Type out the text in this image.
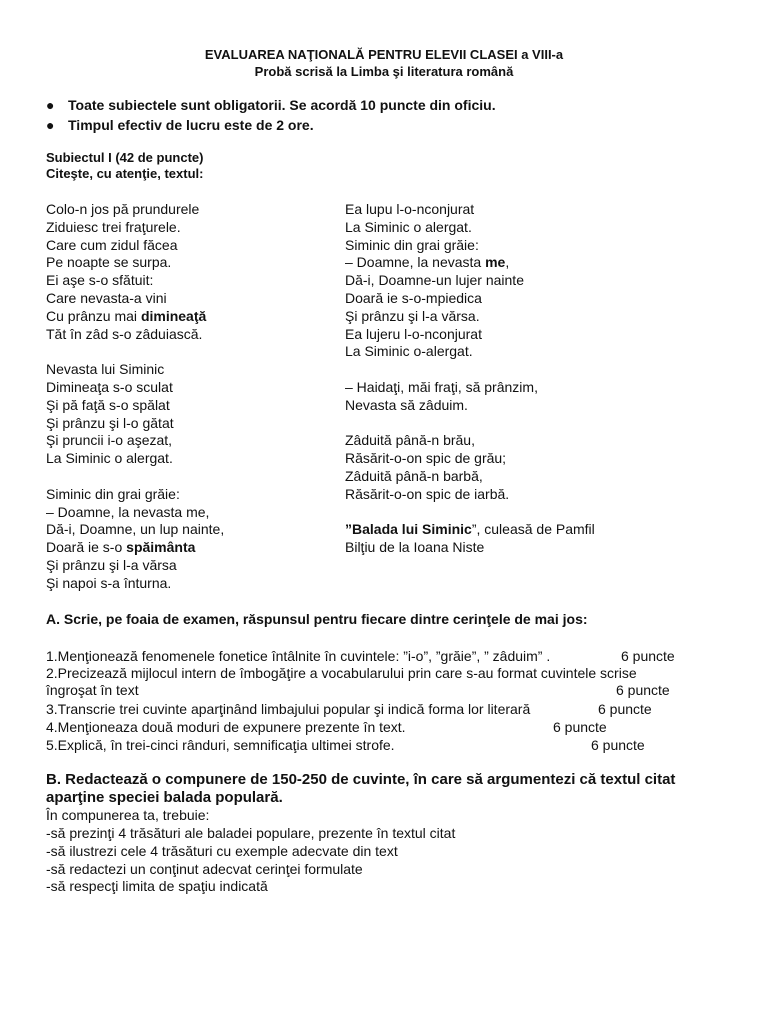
EVALUAREA NAŢIONALĂ PENTRU ELEVII CLASEI a VIII-a
Probă scrisă la Limba şi literatura română
● Toate subiectele sunt obligatorii. Se acordă 10 puncte din oficiu.
● Timpul efectiv de lucru este de 2 ore.
Subiectul I (42 de puncte)
Citeşte, cu atenţie, textul:
Colo-n jos pă prundurele
Ziduiesc trei fraţurele.
Care cum zidul făcea
Pe noapte se surpa.
Ei aşe s-o sfătuit:
Care nevasta-a vini
Cu prânzu mai dimineaţă
Tăt în zâd s-o zâduiască.
Nevasta lui Siminic
Dimineaţa s-o sculat
Şi pă faţă s-o spălat
Şi prânzu şi l-o gătat
Şi pruncii i-o aşezat,
La Siminic o alergat.
Siminic din grai grăie:
– Doamne, la nevasta me,
Dă-i, Doamne, un lup nainte,
Doară ie s-o spăimânta
Şi prânzu şi l-a vărsa
Şi napoi s-a înturna.
Ea lupu l-o-nconjurat
La Siminic o alergat.
Siminic din grai grăie:
– Doamne, la nevasta me,
Dă-i, Doamne-un lujer nainte
Doară ie s-o-mpiedica
Şi prânzu şi l-a vărsa.
Ea lujeru l-o-nconjurat
La Siminic o-alergat.
– Haidaţi, măi fraţi, să prânzim,
Nevasta să zâduim.
Zâduită până-n brău,
Răsărit-o-on spic de grău;
Zâduită până-n barbă,
Răsărit-o-on spic de iarbă.
”Balada lui Siminic”, culeasă de Pamfil
Bilţiu de la Ioana Niste
A. Scrie, pe foaia de examen, răspunsul pentru fiecare dintre cerinţele de mai jos:
1.Menţionează fenomenele fonetice întâlnite în cuvintele: ”i-o”, ”grăie”, ” zâduim” .	6 puncte
2.Precizează mijlocul intern de îmbogăţire a vocabularului prin care s-au format cuvintele scrise
îngroşat în text	6 puncte
3.Transcrie trei cuvinte aparţinând limbajului popular şi indică forma lor literară	6 puncte
4.Menţioneaza două moduri de expunere prezente în text.	6 puncte
5.Explică, în trei-cinci rânduri, semnificaţia ultimei strofe.	6 puncte
B. Redactează o compunere de 150-250 de cuvinte, în care să argumentezi că textul citat
aparţine speciei balada populară.
În compunerea ta, trebuie:
-să prezinţi 4 trăsături ale baladei populare, prezente în textul citat
-să ilustrezi cele 4 trăsături cu exemple adecvate din text
-să redactezi un conţinut adecvat cerinţei formulate
-să respecţi limita de spaţiu indicată
